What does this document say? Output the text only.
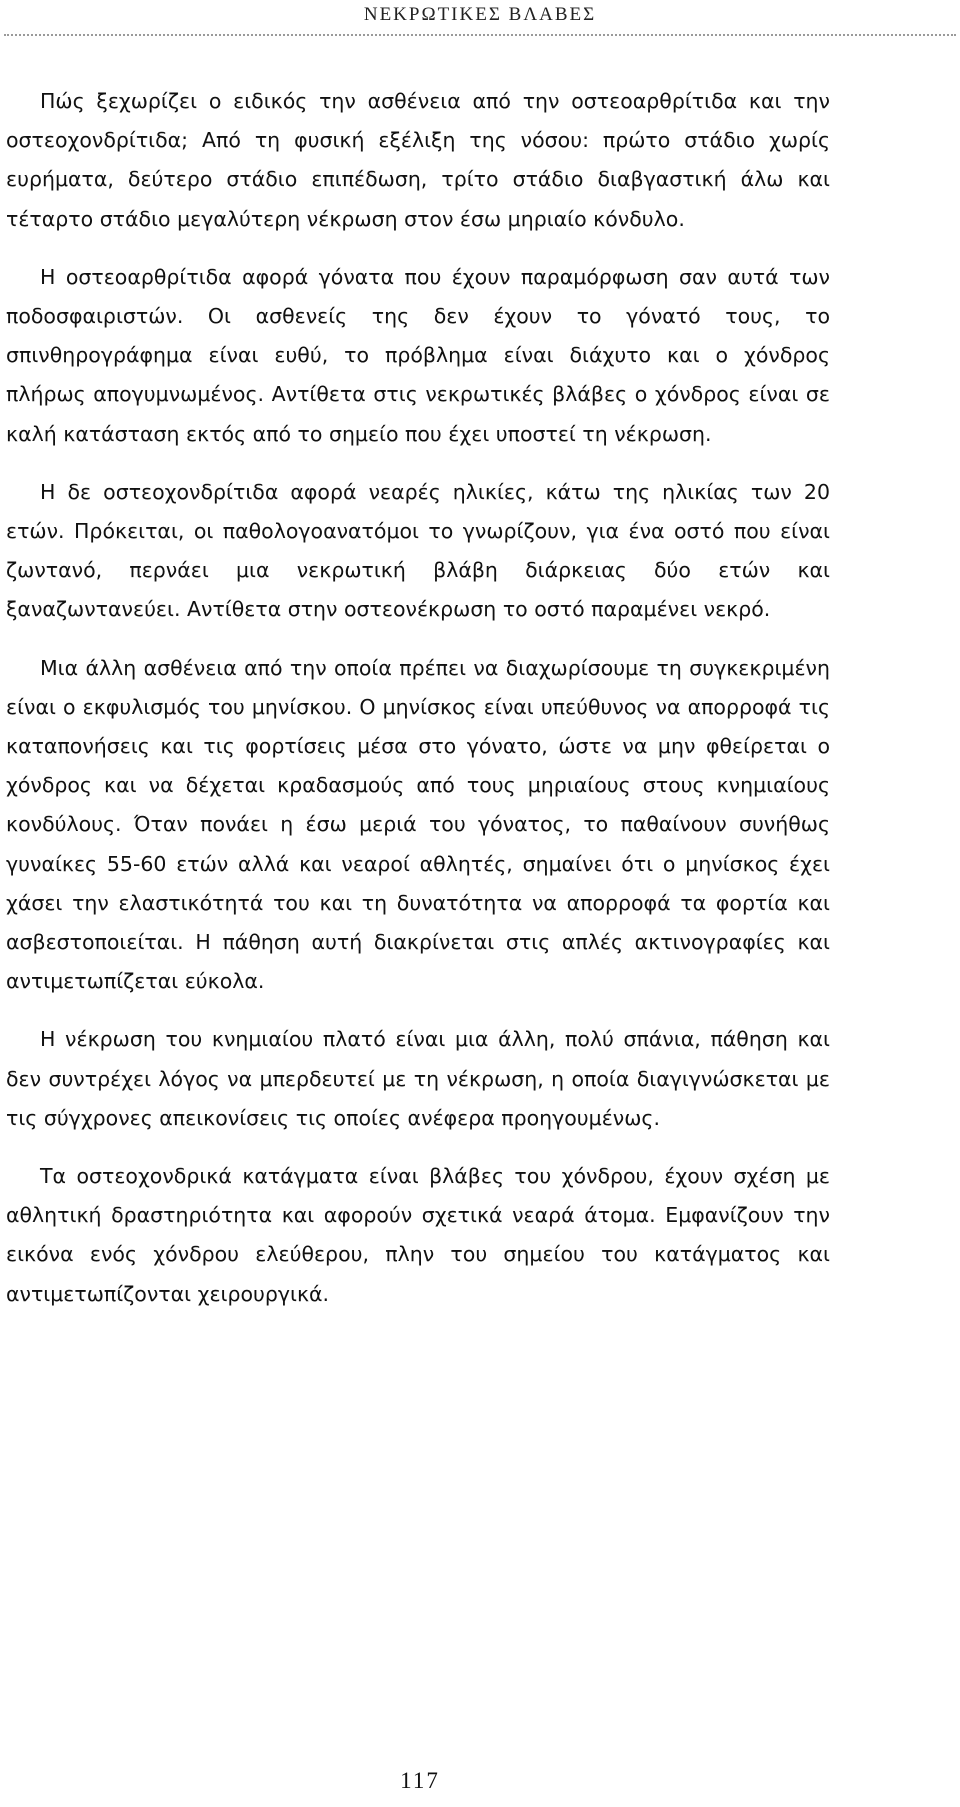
ΝΕΚΡΩΤΙΚΕΣ ΒΛΑΒΕΣ

Πώς ξεχωρίζει ο ειδικός την ασθένεια από την οστεοαρθρίτιδα και την οστεοχονδρίτιδα; Από τη φυσική εξέλιξη της νόσου: πρώτο στάδιο χωρίς ευρήματα, δεύτερο στάδιο επιπέδωση, τρίτο στάδιο διαβγαστική άλω και τέταρτο στάδιο μεγαλύτερη νέκρωση στον έσω μηριαίο κόνδυλο.

Η οστεοαρθρίτιδα αφορά γόνατα που έχουν παραμόρφωση σαν αυτά των ποδοσφαιριστών. Οι ασθενείς της δεν έχουν το γόνατό τους, το σπινθηρογράφημα είναι ευθύ, το πρόβλημα είναι διάχυτο και ο χόνδρος πλήρως απογυμνωμένος. Αντίθετα στις νεκρωτικές βλάβες ο χόνδρος είναι σε καλή κατάσταση εκτός από το σημείο που έχει υποστεί τη νέκρωση.

Η δε οστεοχονδρίτιδα αφορά νεαρές ηλικίες, κάτω της ηλικίας των 20 ετών. Πρόκειται, οι παθολογοανατόμοι το γνωρίζουν, για ένα οστό που είναι ζωντανό, περνάει μια νεκρωτική βλάβη διάρκειας δύο ετών και ξαναζωντανεύει. Αντίθετα στην οστεονέκρωση το οστό παραμένει νεκρό.

Μια άλλη ασθένεια από την οποία πρέπει να διαχωρίσουμε τη συγκεκριμένη είναι ο εκφυλισμός του μηνίσκου. Ο μηνίσκος είναι υπεύθυνος να απορροφά τις καταπονήσεις και τις φορτίσεις μέσα στο γόνατο, ώστε να μην φθείρεται ο χόνδρος και να δέχεται κραδασμούς από τους μηριαίους στους κνημιαίους κονδύλους. Όταν πονάει η έσω μεριά του γόνατος, το παθαίνουν συνήθως γυναίκες 55-60 ετών αλλά και νεαροί αθλητές, σημαίνει ότι ο μηνίσκος έχει χάσει την ελαστικότητά του και τη δυνατότητα να απορροφά τα φορτία και ασβεστοποιείται. Η πάθηση αυτή διακρίνεται στις απλές ακτινογραφίες και αντιμετωπίζεται εύκολα.

Η νέκρωση του κνημιαίου πλατό είναι μια άλλη, πολύ σπάνια, πάθηση και δεν συντρέχει λόγος να μπερδευτεί με τη νέκρωση, η οποία διαγιγνώσκεται με τις σύγχρονες απεικονίσεις τις οποίες ανέφερα προηγουμένως.

Τα οστεοχονδρικά κατάγματα είναι βλάβες του χόνδρου, έχουν σχέση με αθλητική δραστηριότητα και αφορούν σχετικά νεαρά άτομα. Εμφανίζουν την εικόνα ενός χόνδρου ελεύθερου, πλην του σημείου του κατάγματος και αντιμετωπίζονται χειρουργικά.

117
